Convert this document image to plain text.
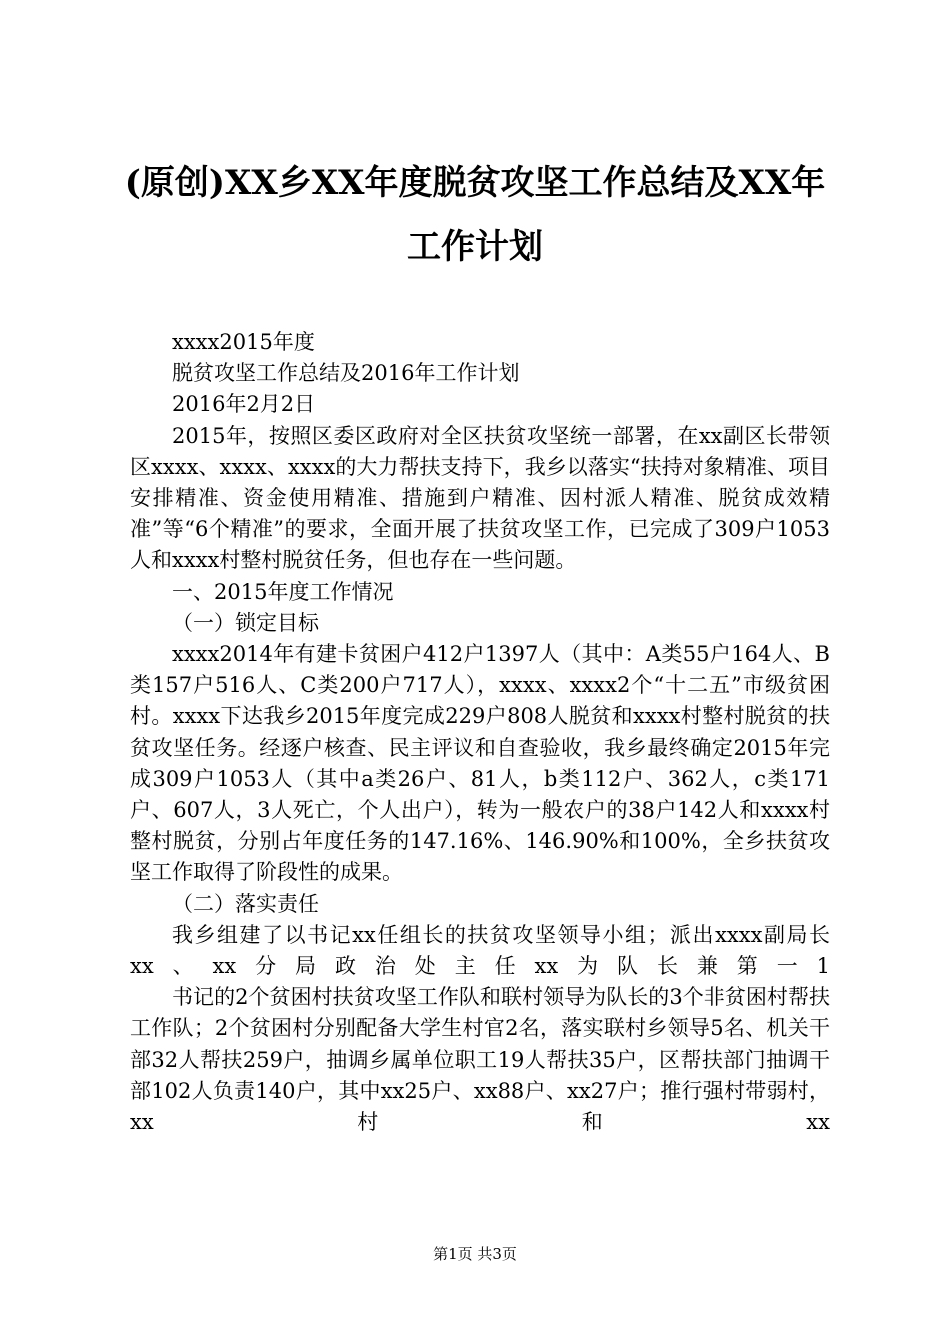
(原创)XX乡XX年度脱贫攻坚工作总结及XX年
工作计划

xxxx2015年度

脱贫攻坚工作总结及2016年工作计划

2016年2月2日

2015年，按照区委区政府对全区扶贫攻坚统一部署，在xx副区长带领区xxxx、xxxx、xxxx的大力帮扶支持下，我乡以落实“扶持对象精准、项目安排精准、资金使用精准、措施到户精准、因村派人精准、脱贫成效精准”等“6个精准”的要求，全面开展了扶贫攻坚工作，已完成了309户1053人和xxxx村整村脱贫任务，但也存在一些问题。

一、2015年度工作情况

（一）锁定目标

xxxx2014年有建卡贫困户412户1397人（其中：A类55户164人、B类157户516人、C类200户717人），xxxx、xxxx2个“十二五”市级贫困村。xxxx下达我乡2015年度完成229户808人脱贫和xxxx村整村脱贫的扶贫攻坚任务。经逐户核查、民主评议和自查验收，我乡最终确定2015年完成309户1053人（其中a类26户、81人，b类112户、362人，c类171户、607人，3人死亡，个人出户），转为一般农户的38户142人和xxxx村整村脱贫，分别占年度任务的147.16%、146.90%和100%，全乡扶贫攻坚工作取得了阶段性的成果。

（二）落实责任

我乡组建了以书记xx任组长的扶贫攻坚领导小组；派出xxxx副局长xx、xx分局政治处主任xx为队长兼第一1

书记的2个贫困村扶贫攻坚工作队和联村领导为队长的3个非贫困村帮扶工作队；2个贫困村分别配备大学生村官2名，落实联村乡领导5名、机关干部32人帮扶259户，抽调乡属单位职工19人帮扶35户，区帮扶部门抽调干部102人负责140户，其中xx25户、xx88户、xx27户；推行强村带弱村，xx村和xx

第1页 共3页
